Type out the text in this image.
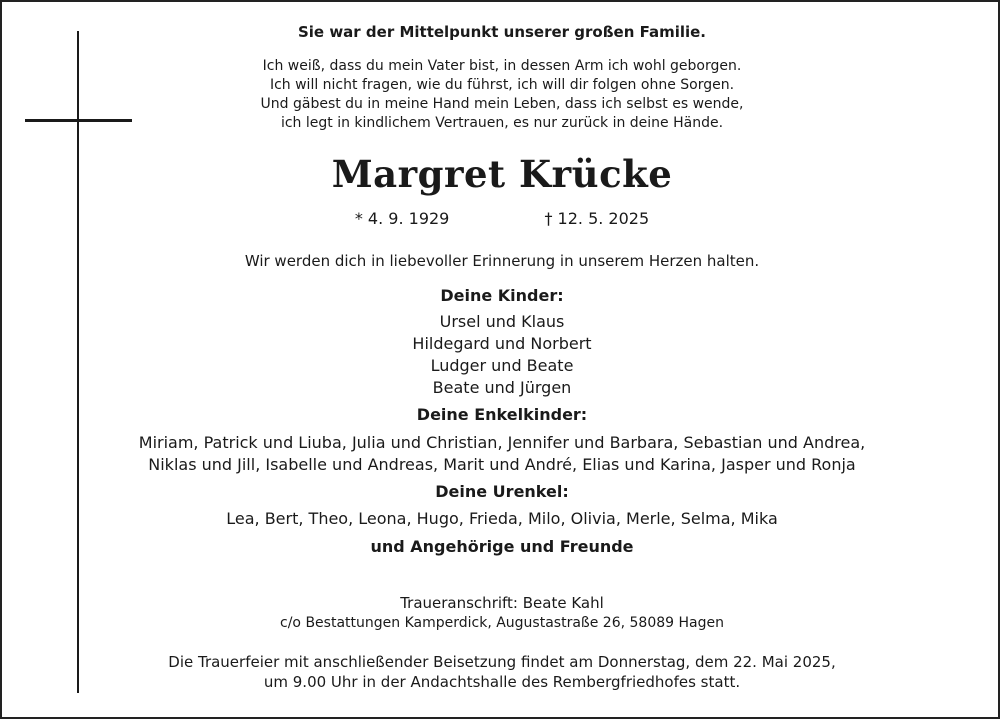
Sie war der Mittelpunkt unserer großen Familie.
Ich weiß, dass du mein Vater bist, in dessen Arm ich wohl geborgen.
Ich will nicht fragen, wie du führst, ich will dir folgen ohne Sorgen.
Und gäbest du in meine Hand mein Leben, dass ich selbst es wende,
ich legt in kindlichem Vertrauen, es nur zurück in deine Hände.
Margret Krücke
* 4. 9. 1929	† 12. 5. 2025
Wir werden dich in liebevoller Erinnerung in unserem Herzen halten.
Deine Kinder:
Ursel und Klaus
Hildegard und Norbert
Ludger und Beate
Beate und Jürgen
Deine Enkelkinder:
Miriam, Patrick und Liuba, Julia und Christian, Jennifer und Barbara, Sebastian und Andrea,
Niklas und Jill, Isabelle und Andreas, Marit und André, Elias und Karina, Jasper und Ronja
Deine Urenkel:
Lea, Bert, Theo, Leona, Hugo, Frieda, Milo, Olivia, Merle, Selma, Mika
und Angehörige und Freunde
Traueranschrift: Beate Kahl
c/o Bestattungen Kamperdick, Augustastraße 26, 58089 Hagen
Die Trauerfeier mit anschließender Beisetzung findet am Donnerstag, dem 22. Mai 2025,
um 9.00 Uhr in der Andachtshalle des Rembergfriedhofes statt.
